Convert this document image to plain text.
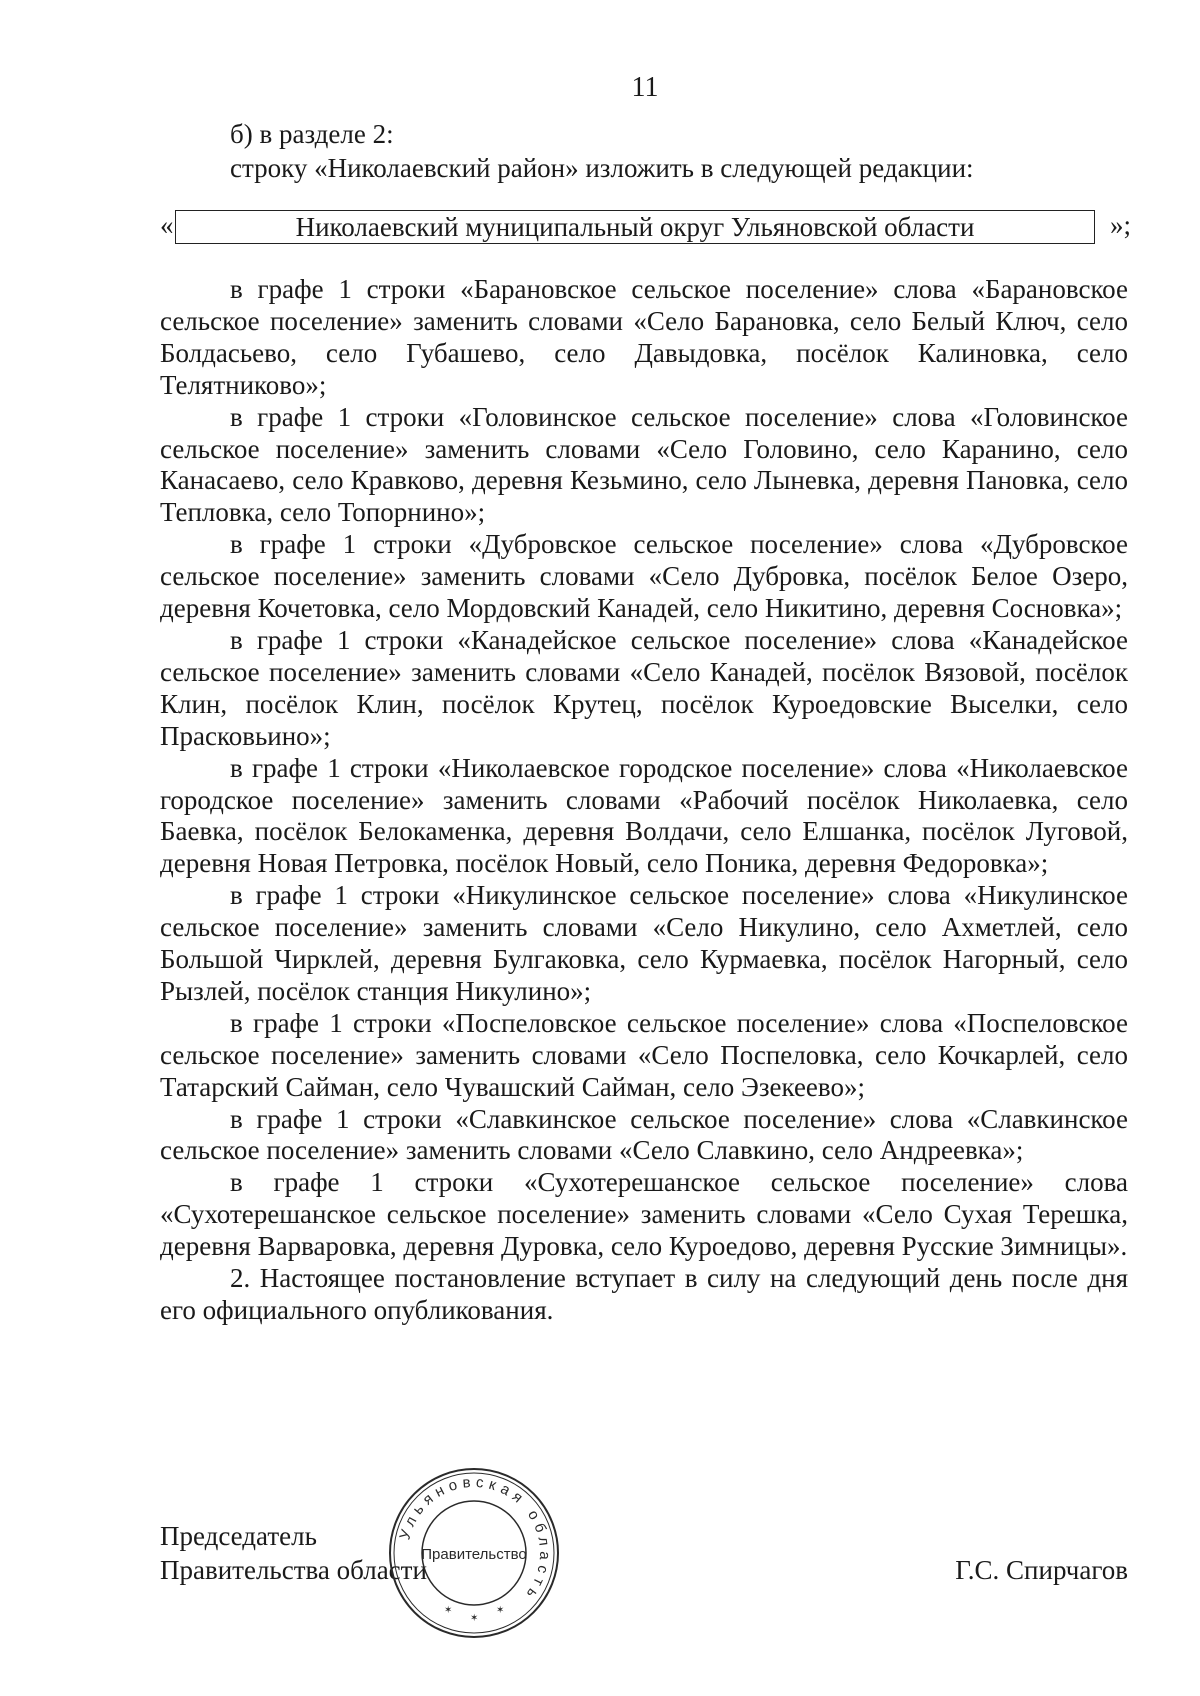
11
б) в разделе 2:
строку «Николаевский район» изложить в следующей редакции:
«	Николаевский муниципальный округ Ульяновской области	»;

в графе 1 строки «Барановское сельское поселение» слова «Барановское сельское поселение» заменить словами «Село Барановка, село Белый Ключ, село Болдасьево, село Губашево, село Давыдовка, посёлок Калиновка, село Телятниково»;

в графе 1 строки «Головинское сельское поселение» слова «Головинское сельское поселение» заменить словами «Село Головино, село Каранино, село Канасаево, село Кравково, деревня Кезьмино, село Лыневка, деревня Пановка, село Тепловка, село Топорнино»;

в графе 1 строки «Дубровское сельское поселение» слова «Дубровское сельское поселение» заменить словами «Село Дубровка, посёлок Белое Озеро, деревня Кочетовка, село Мордовский Канадей, село Никитино, деревня Сосновка»;

в графе 1 строки «Канадейское сельское поселение» слова «Канадейское сельское поселение» заменить словами «Село Канадей, посёлок Вязовой, посёлок Клин, посёлок Клин, посёлок Крутец, посёлок Куроедовские Выселки, село Прасковьино»;

в графе 1 строки «Николаевское городское поселение» слова «Николаевское городское поселение» заменить словами «Рабочий посёлок Николаевка, село Баевка, посёлок Белокаменка, деревня Волдачи, село Елшанка, посёлок Луговой, деревня Новая Петровка, посёлок Новый, село Поника, деревня Федоровка»;

в графе 1 строки «Никулинское сельское поселение» слова «Никулинское сельское поселение» заменить словами «Село Никулино, село Ахметлей, село Большой Чирклей, деревня Булгаковка, село Курмаевка, посёлок Нагорный, село Рызлей, посёлок станция Никулино»;

в графе 1 строки «Поспеловское сельское поселение» слова «Поспеловское сельское поселение» заменить словами «Село Поспеловка, село Кочкарлей, село Татарский Сайман, село Чувашский Сайман, село Эзекеево»;

в графе 1 строки «Славкинское сельское поселение» слова «Славкинское сельское поселение» заменить словами «Село Славкино, село Андреевка»;

в графе 1 строки «Сухотерешанское сельское поселение» слова «Сухотерешанское сельское поселение» заменить словами «Село Сухая Терешка, деревня Варваровка, деревня Дуровка, село Куроедово, деревня Русские Зимницы».

2. Настоящее постановление вступает в силу на следующий день после дня его официального опубликования.

Председатель
Правительства области	Г.С. Спирчагов
Ульяновская область
Правительство
✶
✶
✶
